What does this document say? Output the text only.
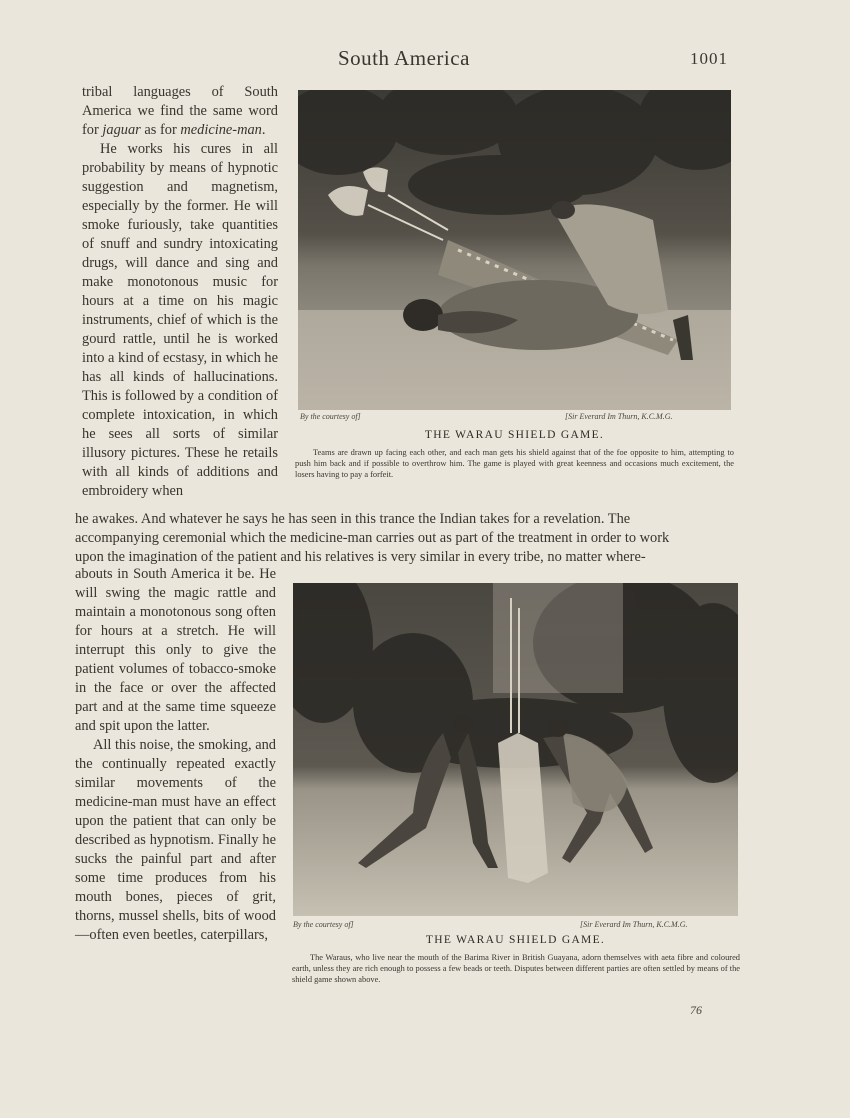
South America	1001

tribal languages of South America we find the same word for jaguar as for medicine-man.

He works his cures in all probability by means of hypnotic suggestion and magnetism, especially by the former. He will smoke furiously, take quantities of snuff and sundry intoxicating drugs, will dance and sing and make monotonous music for hours at a time on his magic instruments, chief of which is the gourd rattle, until he is worked into a kind of ecstasy, in which he has all kinds of hallucinations. This is followed by a condition of complete intoxication, in which he sees all sorts of similar illusory pictures. These he retails with all kinds of additions and embroidery when

By the courtesy of]	[Sir Everard Im Thurn, K.C.M.G.
THE WARAU SHIELD GAME.
Teams are drawn up facing each other, and each man gets his shield against that of the foe opposite to him, attempting to push him back and if possible to overthrow him. The game is played with great keenness and occasions much excitement, the losers having to pay a forfeit.
he awakes. And whatever he says he has seen in this trance the Indian takes for a revelation. The
accompanying ceremonial which the medicine-man carries out as part of the treatment in order to work
upon the imagination of the patient and his relatives is very similar in every tribe, no matter where-

abouts in South America it be. He will swing the magic rattle and maintain a monotonous song often for hours at a stretch. He will interrupt this only to give the patient volumes of tobacco-smoke in the face or over the affected part and at the same time squeeze and spit upon the latter.

All this noise, the smoking, and the continually repeated exactly similar movements of the medicine-man must have an effect upon the patient that can only be described as hypnotism. Finally he sucks the painful part and after some time produces from his mouth bones, pieces of grit, thorns, mussel shells, bits of wood—often even beetles, caterpillars,

By the courtesy of]	[Sir Everard Im Thurn, K.C.M.G.
THE WARAU SHIELD GAME.
The Waraus, who live near the mouth of the Barima River in British Guayana, adorn themselves with aeta fibre and coloured earth, unless they are rich enough to possess a few beads or teeth. Disputes between different parties are often settled by means of the shield game shown above.
76
